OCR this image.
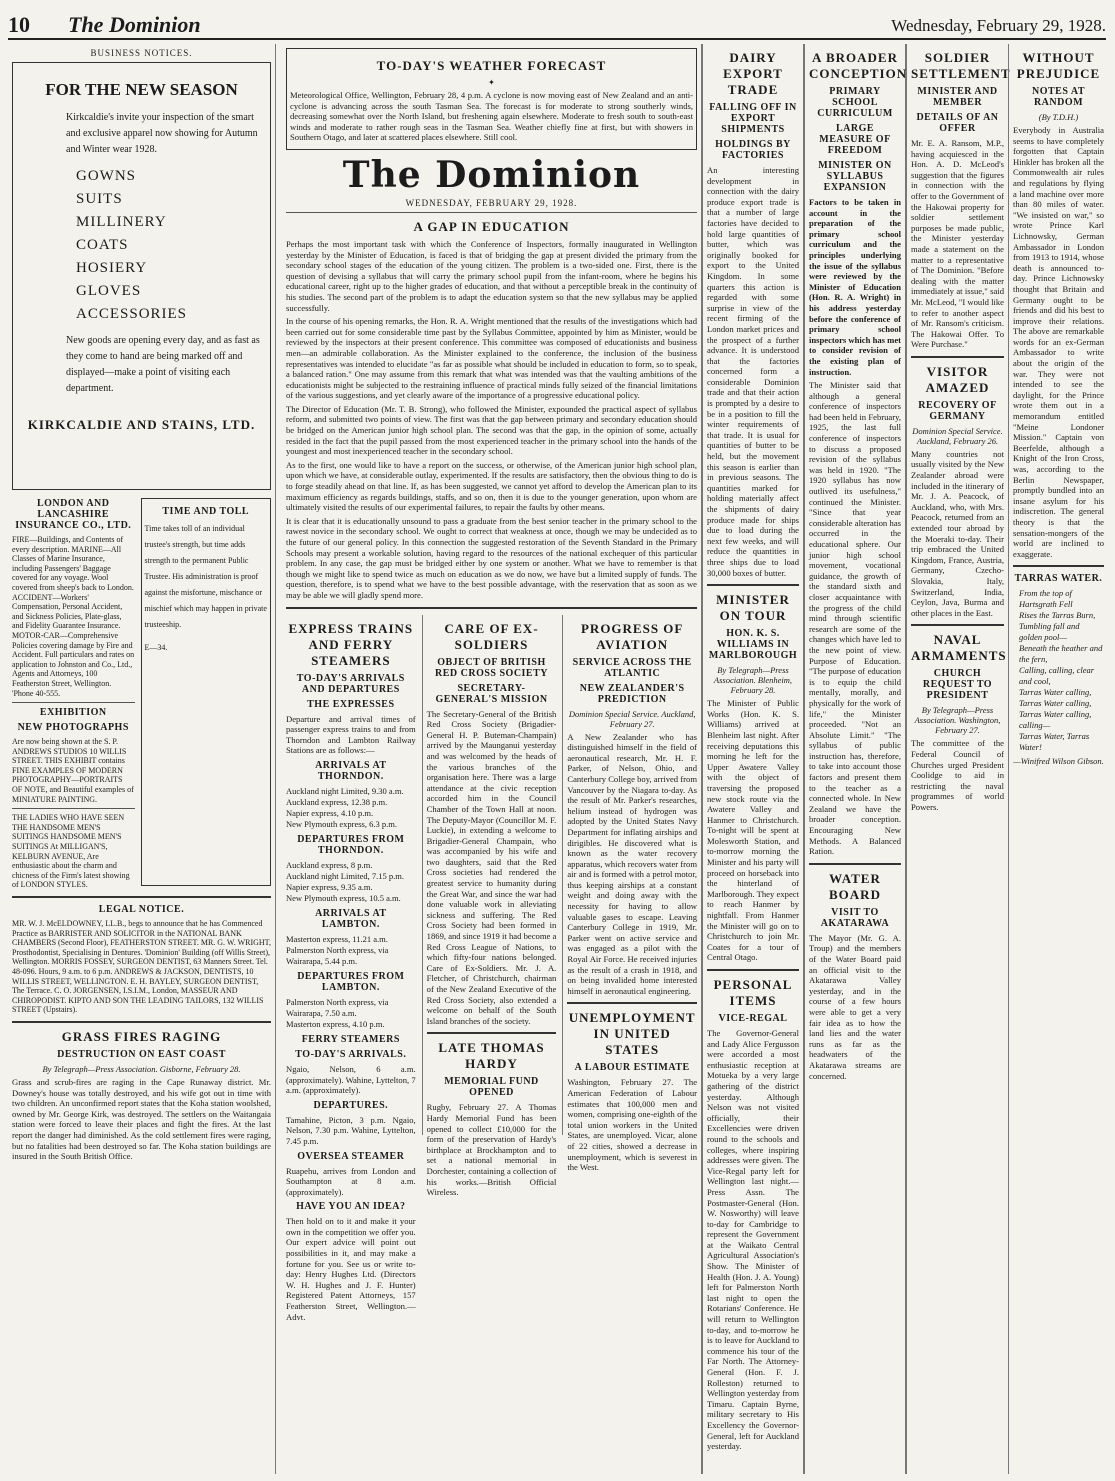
10 The Dominion	Wednesday, February 29, 1928.
BUSINESS NOTICES.
FOR THE NEW SEASON
Kirkcaldie's invite your inspection of the smart and exclusive apparel now showing for Autumn and Winter wear 1928.
GOWNS
SUITS
MILLINERY
COATS
HOSIERY
GLOVES
ACCESSORIES
New goods are opening every day, and as fast as they come to hand are being marked off and displayed—make a point of visiting each department.
KIRKCALDIE AND STAINS, LTD.
LONDON AND LANCASHIRE INSURANCE CO., LTD.
FIRE—Buildings, and Contents of every description. MARINE—All Classes of Marine Insurance, including Passengers' Baggage covered for any voyage. Wool covered from sheep's back to London. ACCIDENT—Workers' Compensation, Personal Accident, and Sickness Policies, Plate-glass, and Fidelity Guarantee Insurance. MOTOR-CAR—Comprehensive Policies covering damage by Fire and Accident. Full particulars and rates on application to Johnston and Co., Ltd., Agents and Attorneys, 100 Featherston Street, Wellington. 'Phone 40-555.
EXHIBITION
NEW PHOTOGRAPHS
Are now being shown at the S. P. ANDREWS STUDIOS 10 WILLIS STREET. THIS EXHIBIT contains FINE EXAMPLES OF MODERN PHOTOGRAPHY—PORTRAITS OF NOTE, and Beautiful examples of MINIATURE PAINTING.
THE LADIES WHO HAVE SEEN THE HANDSOME MEN'S SUITINGS HANDSOME MEN'S SUITINGS At MILLIGAN'S, KELBURN AVENUE, Are enthusiastic about the charm and chicness of the Firm's latest showing of LONDON STYLES.
TIME AND TOLL
Time takes toll of an individual trustee's strength, but time adds strength to the permanent Public Trustee. His administration is proof against the misfortune, mischance or mischief which may happen in private trusteeship.
E—34.
LEGAL NOTICE.
MR. W. J. McELDOWNEY, LL.B., begs to announce that he has Commenced Practice as BARRISTER AND SOLICITOR in the NATIONAL BANK CHAMBERS (Second Floor), FEATHERSTON STREET. MR. G. W. WRIGHT, Prosthodontist, Specialising in Dentures. 'Dominion' Building (off Willis Street), Wellington. MORRIS FOSSEY, SURGEON DENTIST, 63 Manners Street. Tel. 48-096. Hours, 9 a.m. to 6 p.m. ANDREWS & JACKSON, DENTISTS, 10 WILLIS STREET, WELLINGTON. E. H. BAYLEY, SURGEON DENTIST, The Terrace. C. O. JORGENSEN, I.S.I.M., London, MASSEUR AND CHIROPODIST. KIPTO AND SON THE LEADING TAILORS, 132 WILLIS STREET (Upstairs).
GRASS FIRES RAGING
DESTRUCTION ON EAST COAST
By Telegraph—Press Association. Gisborne, February 28.
Grass and scrub-fires are raging in the Cape Runaway district. Mr. Downey's house was totally destroyed, and his wife got out in time with two children. An unconfirmed report states that the Koha station woolshed, owned by Mr. George Kirk, was destroyed. The settlers on the Waitangaia station were forced to leave their places and fight the fires. At the last report the danger had diminished. As the cold settlement fires were raging, but no fatalities had been destroyed so far. The Koha station buildings are insured in the South British Office.
TO-DAY'S WEATHER FORECAST
✦
Meteorological Office, Wellington, February 28, 4 p.m. A cyclone is now moving east of New Zealand and an anti-cyclone is advancing across the south Tasman Sea. The forecast is for moderate to strong southerly winds, decreasing somewhat over the North Island, but freshening again elsewhere. Moderate to fresh south to south-east winds and moderate to rather rough seas in the Tasman Sea. Weather chiefly fine at first, but with showers in Southern Otago, and later at scattered places elsewhere. Still cool.
The Dominion
WEDNESDAY, FEBRUARY 29, 1928.
A GAP IN EDUCATION
Perhaps the most important task with which the Conference of Inspectors, formally inaugurated in Wellington yesterday by the Minister of Education, is faced is that of bridging the gap at present divided the primary from the secondary school stages of the education of the young citizen. The problem is a two-sided one. First, there is the question of devising a syllabus that will carry the primary school pupil from the infant-room, where he begins his educational career, right up to the higher grades of education, and that without a perceptible break in the continuity of his studies. The second part of the problem is to adapt the education system so that the new syllabus may be applied successfully.
In the course of his opening remarks, the Hon. R. A. Wright mentioned that the results of the investigations which had been carried out for some considerable time past by the Syllabus Committee, appointed by him as Minister, would be reviewed by the inspectors at their present conference. This committee was composed of educationists and business men—an admirable collaboration. As the Minister explained to the conference, the inclusion of the business representatives was intended to elucidate "as far as possible what should be included in education to form, so to speak, a balanced ration." One may assume from this remark that what was intended was that the vaulting ambitions of the educationists might be subjected to the restraining influence of practical minds fully seized of the financial limitations of the various suggestions, and yet clearly aware of the importance of a progressive educational policy.
The Director of Education (Mr. T. B. Strong), who followed the Minister, expounded the practical aspect of syllabus reform, and submitted two points of view. The first was that the gap between primary and secondary education should be bridged on the American junior high school plan. The second was that the gap, in the opinion of some, actually resided in the fact that the pupil passed from the most experienced teacher in the primary school into the hands of the youngest and most inexperienced teacher in the secondary school.
As to the first, one would like to have a report on the success, or otherwise, of the American junior high school plan, upon which we have, at considerable outlay, experimented. If the results are satisfactory, then the obvious thing to do is to forge steadily ahead on that line. If, as has been suggested, we cannot yet afford to develop the American plan to its maximum efficiency as regards buildings, staffs, and so on, then it is due to the younger generation, upon whom are ultimately visited the results of our experimental failures, to repair the faults by other means.
It is clear that it is educationally unsound to pass a graduate from the best senior teacher in the primary school to the rawest novice in the secondary school. We ought to correct that weakness at once, though we may be undecided as to the future of our general policy. In this connection the suggested restoration of the Seventh Standard in the Primary Schools may present a workable solution, having regard to the resources of the national exchequer of this particular problem. In any case, the gap must be bridged either by one system or another. What we have to remember is that though we might like to spend twice as much on education as we do now, we have but a limited supply of funds. The question, therefore, is to spend what we have to the best possible advantage, with the reservation that as soon as we may be able we will gladly spend more.
EXPRESS TRAINS AND FERRY STEAMERS
TO-DAY'S ARRIVALS AND DEPARTURES
THE EXPRESSES
Departure and arrival times of passenger express trains to and from Thorndon and Lambton Railway Stations are as follows:—
ARRIVALS AT THORNDON.
Auckland night Limited, 9.30 a.m.
Auckland express, 12.38 p.m.
Napier express, 4.10 p.m.
New Plymouth express, 6.3 p.m.
DEPARTURES FROM THORNDON.
Auckland express, 8 p.m.
Auckland night Limited, 7.15 p.m.
Napier express, 9.35 a.m.
New Plymouth express, 10.5 a.m.
ARRIVALS AT LAMBTON.
Masterton express, 11.21 a.m.
Palmerston North express, via Wairarapa, 5.44 p.m.
DEPARTURES FROM LAMBTON.
Palmerston North express, via Wairarapa, 7.50 a.m.
Masterton express, 4.10 p.m.
FERRY STEAMERS
TO-DAY'S ARRIVALS.
Ngaio, Nelson, 6 a.m. (approximately). Wahine, Lyttelton, 7 a.m. (approximately).
DEPARTURES.
Tamahine, Picton, 3 p.m. Ngaio, Nelson, 7.30 p.m. Wahine, Lyttelton, 7.45 p.m.
OVERSEA STEAMER
Ruapehu, arrives from London and Southampton at 8 a.m. (approximately).
HAVE YOU AN IDEA?
Then hold on to it and make it your own in the competition we offer you. Our expert advice will point out possibilities in it, and may make a fortune for you. See us or write to-day: Henry Hughes Ltd. (Directors W. H. Hughes and J. F. Hunter) Registered Patent Attorneys, 157 Featherston Street, Wellington.—Advt.
CARE OF EX-SOLDIERS
OBJECT OF BRITISH RED CROSS SOCIETY
SECRETARY-GENERAL'S MISSION
The Secretary-General of the British Red Cross Society (Brigadier-General H. P. Buteman-Champain) arrived by the Maunganui yesterday and was welcomed by the heads of the various branches of the organisation here. There was a large attendance at the civic reception accorded him in the Council Chamber of the Town Hall at noon. The Deputy-Mayor (Councillor M. F. Luckie), in extending a welcome to Brigadier-General Champain, who was accompanied by his wife and two daughters, said that the Red Cross societies had rendered the greatest service to humanity during the Great War, and since the war had done valuable work in alleviating sickness and suffering. The Red Cross Society had been formed in 1869, and since 1919 it had become a Red Cross League of Nations, to which fifty-four nations belonged. Care of Ex-Soldiers. Mr. J. A. Fletcher, of Christchurch, chairman of the New Zealand Executive of the Red Cross Society, also extended a welcome on behalf of the South Island branches of the society.
LATE THOMAS HARDY
MEMORIAL FUND OPENED
Rugby, February 27. A Thomas Hardy Memorial Fund has been opened to collect £10,000 for the form of the preservation of Hardy's birthplace at Brockhampton and to set a national memorial in Dorchester, containing a collection of his works.—British Official Wireless.
PROGRESS OF AVIATION
SERVICE ACROSS THE ATLANTIC
NEW ZEALANDER'S PREDICTION
Dominion Special Service. Auckland, February 27.
A New Zealander who has distinguished himself in the field of aeronautical research, Mr. H. F. Parker, of Nelson, Ohio, and Canterbury College boy, arrived from Vancouver by the Niagara to-day. As the result of Mr. Parker's researches, helium instead of hydrogen was adopted by the United States Navy Department for inflating airships and dirigibles. He discovered what is known as the water recovery apparatus, which recovers water from air and is formed with a petrol motor, thus keeping airships at a constant weight and doing away with the necessity for having to allow valuable gases to escape. Leaving Canterbury College in 1919, Mr. Parker went on active service and was engaged as a pilot with the Royal Air Force. He received injuries as the result of a crash in 1918, and on being invalided home interested himself in aeronautical engineering.
UNEMPLOYMENT IN UNITED STATES
A LABOUR ESTIMATE
Washington, February 27. The American Federation of Labour estimates that 100,000 men and women, comprising one-eighth of the total union workers in the United States, are unemployed. Vicar, alone of 22 cities, showed a decrease in unemployment, which is severest in the West.
DAIRY EXPORT TRADE
FALLING OFF IN EXPORT SHIPMENTS
HOLDINGS BY FACTORIES
An interesting development in connection with the dairy produce export trade is that a number of large factories have decided to hold large quantities of butter, which was originally booked for export to the United Kingdom. In some quarters this action is regarded with some surprise in view of the recent firming of the London market prices and the prospect of a further advance. It is understood that the factories concerned form a considerable Dominion trade and that their action is prompted by a desire to be in a position to fill the winter requirements of that trade. It is usual for quantities of butter to be held, but the movement this season is earlier than in previous seasons. The quantities marked for holding materially affect the shipments of dairy produce made for ships due to load during the next few weeks, and will reduce the quantities in three ships due to load 30,000 boxes of butter.
MINISTER ON TOUR
HON. K. S. WILLIAMS IN MARLBOROUGH
By Telegraph—Press Association. Blenheim, February 28.
The Minister of Public Works (Hon. K. S. Williams) arrived at Blenheim last night. After receiving deputations this morning he left for the Upper Awatere Valley with the object of traversing the proposed new stock route via the Awatere Valley and Hanmer to Christchurch. To-night will be spent at Molesworth Station, and to-morrow morning the Minister and his party will proceed on horseback into the hinterland of Marlborough. They expect to reach Hanmer by nightfall. From Hanmer the Minister will go on to Christchurch to join Mr. Coates for a tour of Central Otago.
PERSONAL ITEMS
VICE-REGAL
The Governor-General and Lady Alice Fergusson were accorded a most enthusiastic reception at Motueka by a very large gathering of the district yesterday. Although Nelson was not visited officially, their Excellencies were driven round to the schools and colleges, where inspiring addresses were given. The Vice-Regal party left for Wellington last night.—Press Assn. The Postmaster-General (Hon. W. Nosworthy) will leave to-day for Cambridge to represent the Government at the Waikato Central Agricultural Association's Show. The Minister of Health (Hon. J. A. Young) left for Palmerston North last night to open the Rotarians' Conference. He will return to Wellington to-day, and to-morrow he is to leave for Auckland to commence his tour of the Far North. The Attorney-General (Hon. F. J. Rolleston) returned to Wellington yesterday from Timaru. Captain Byrne, military secretary to His Excellency the Governor-General, left for Auckland yesterday.
A BROADER CONCEPTION
PRIMARY SCHOOL CURRICULUM
LARGE MEASURE OF FREEDOM
MINISTER ON SYLLABUS EXPANSION
Factors to be taken in account in the preparation of the primary school curriculum and the principles underlying the issue of the syllabus were reviewed by the Minister of Education (Hon. R. A. Wright) in his address yesterday before the conference of primary school inspectors which has met to consider revision of the existing plan of instruction.
The Minister said that although a general conference of inspectors had been held in February, 1925, the last full conference of inspectors to discuss a proposed revision of the syllabus was held in 1920. "The 1920 syllabus has now outlived its usefulness," continued the Minister. "Since that year considerable alteration has occurred in the educational sphere. Our junior high school movement, vocational guidance, the growth of the standard sixth and closer acquaintance with the progress of the child mind through scientific research are some of the changes which have led to the new point of view. Purpose of Education. "The purpose of education is to equip the child mentally, morally, and physically for the work of life," the Minister proceeded. "Not an Absolute Limit." "The syllabus of public instruction has, therefore, to take into account those factors and present them to the teacher as a connected whole. In New Zealand we have the broader conception. Encouraging New Methods. A Balanced Ration.
WATER BOARD
VISIT TO AKATARAWA
The Mayor (Mr. G. A. Troup) and the members of the Water Board paid an official visit to the Akatarawa Valley yesterday, and in the course of a few hours were able to get a very fair idea as to how the land lies and the water runs as far as the headwaters of the Akatarawa streams are concerned.
SOLDIER SETTLEMENT
MINISTER AND MEMBER
DETAILS OF AN OFFER
Mr. E. A. Ransom, M.P., having acquiesced in the Hon. A. D. McLeod's suggestion that the figures in connection with the offer to the Government of the Hakowai property for soldier settlement purposes be made public, the Minister yesterday made a statement on the matter to a representative of The Dominion. "Before dealing with the matter immediately at issue," said Mr. McLeod, "I would like to refer to another aspect of Mr. Ransom's criticism. The Hakowai Offer. To Were Purchase."
VISITOR AMAZED
RECOVERY OF GERMANY
Dominion Special Service. Auckland, February 26.
Many countries not usually visited by the New Zealander abroad were included in the itinerary of Mr. J. A. Peacock, of Auckland, who, with Mrs. Peacock, returned from an extended tour abroad by the Moeraki to-day. Their trip embraced the United Kingdom, France, Austria, Germany, Czecho-Slovakia, Italy, Switzerland, India, Ceylon, Java, Burma and other places in the East.
NAVAL ARMAMENTS
CHURCH REQUEST TO PRESIDENT
By Telegraph—Press Association. Washington, February 27.
The committee of the Federal Council of Churches urged President Coolidge to aid in restricting the naval programmes of world Powers.
WITHOUT PREJUDICE
NOTES AT RANDOM
(By T.D.H.)
Everybody in Australia seems to have completely forgotten that Captain Hinkler has broken all the Commonwealth air rules and regulations by flying a land machine over more than 80 miles of water. "We insisted on war," so wrote Prince Karl Lichnowsky, German Ambassador in London from 1913 to 1914, whose death is announced to-day. Prince Lichnowsky thought that Britain and Germany ought to be friends and did his best to improve their relations. The above are remarkable words for an ex-German Ambassador to write about the origin of the war. They were not intended to see the daylight, for the Prince wrote them out in a memorandum entitled "Meine Londoner Mission." Captain von Beerfelde, although a Knight of the Iron Cross, was, according to the Berlin Newspaper, promptly bundled into an insane asylum for his indiscretion. The general theory is that the sensation-mongers of the world are inclined to exaggerate.
TARRAS WATER.
From the top of Hartsgrath Fell
Rises the Tarras Burn,
Tumbling fall and golden pool—
Beneath the heather and the fern,
Calling, calling, clear and cool,
Tarras Water calling,
Tarras Water calling,
Tarras Water calling, calling—
Tarras Water, Tarras Water!
—Winifred Wilson Gibson.
